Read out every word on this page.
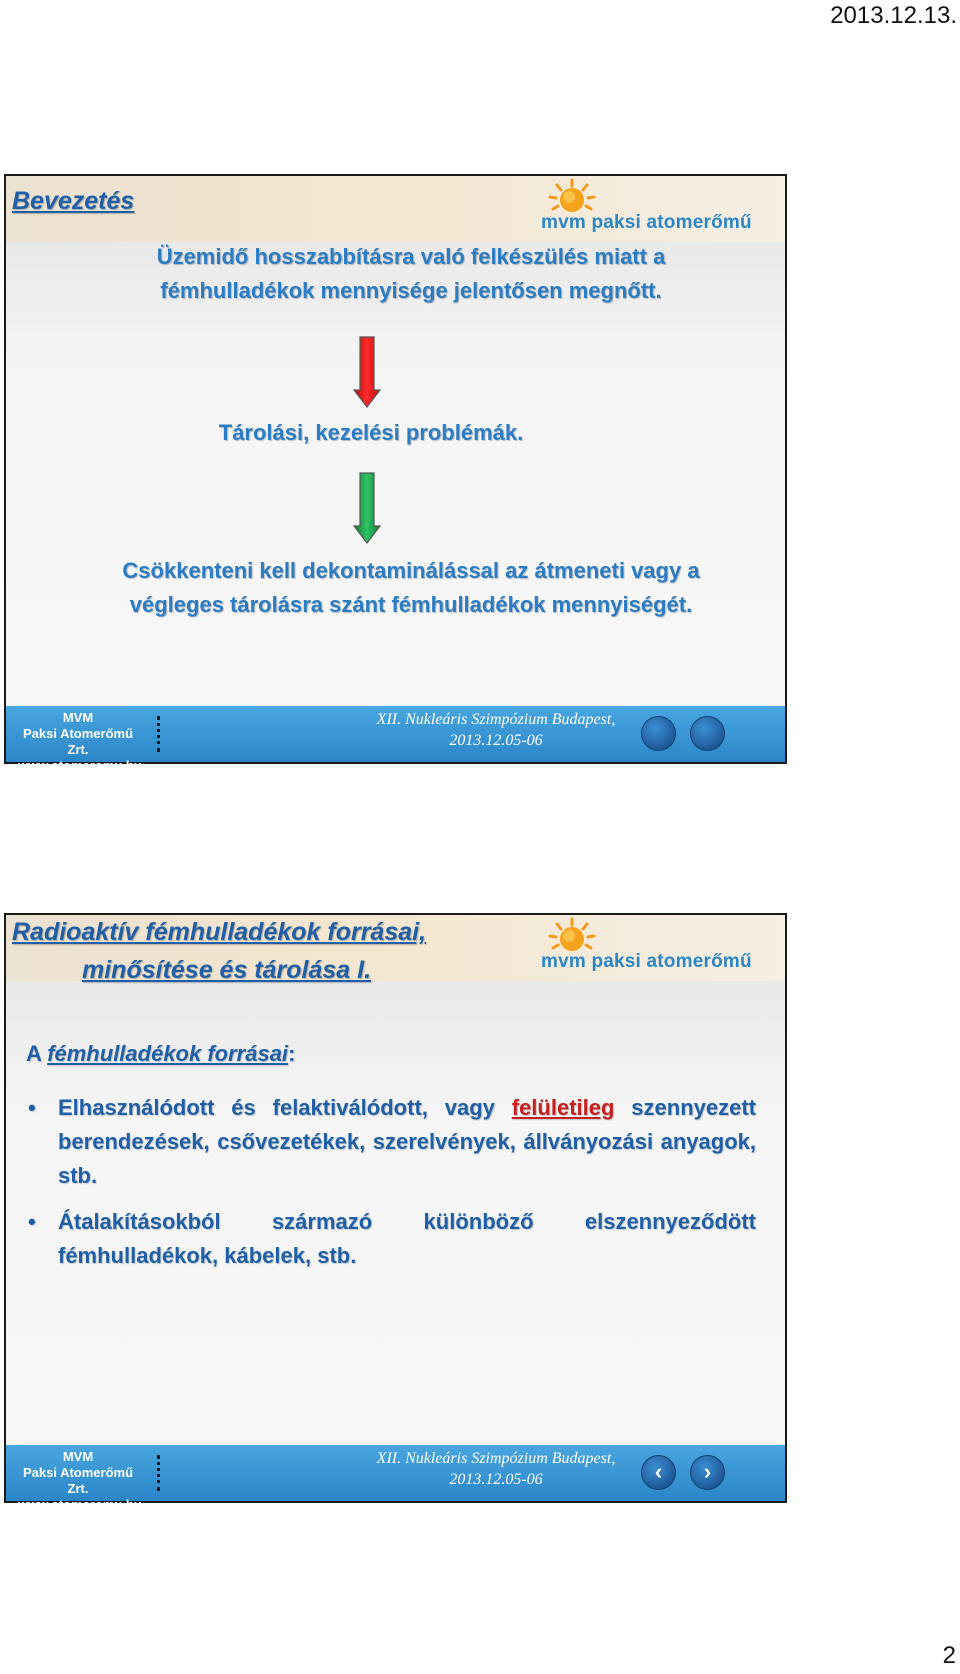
2013.12.13.
Bevezetés
mvm paksi atomerőmű
Üzemidő hosszabbításra való felkészülés miatt a
fémhulladékok mennyisége jelentősen megnőtt.
Tárolási, kezelési problémák.
Csökkenteni kell dekontaminálással az átmeneti vagy a
végleges tárolásra szánt fémhulladékok mennyiségét.
MVM
Paksi Atomerőmű Zrt.
www.atomeromu.hu
XII. Nukleáris Szimpózium Budapest,
2013.12.05-06
Radioaktív fémhulladékok forrásai,
minősítése és tárolása I.	mvm paksi atomerőmű
A fémhulladékok forrásai:
• Elhasználódott és felaktiválódott, vagy felületileg szennyezett berendezések, csővezetékek, szerelvények, állványozási anyagok, stb.
• Átalakításokból származó különböző elszennyeződött fémhulladékok, kábelek, stb.
MVM
Paksi Atomerőmű Zrt.
www.atomeromu.hu
XII. Nukleáris Szimpózium Budapest,
2013.12.05-06	‹	›
2
